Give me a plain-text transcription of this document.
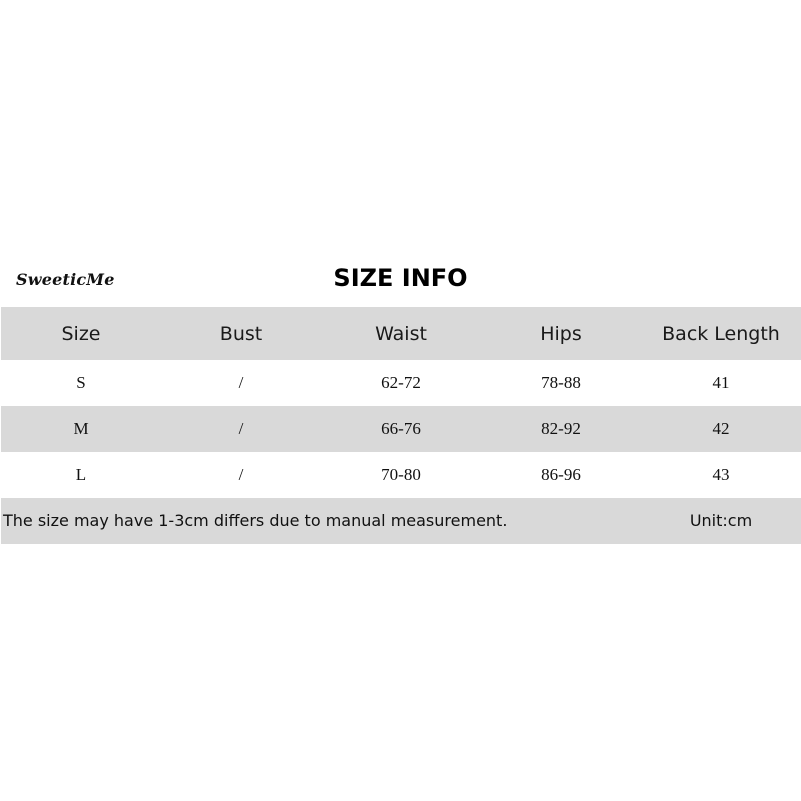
SweeticMe	SIZE INFO
Size	Bust	Waist	Hips	Back Length
S	/	62-72	78-88	41
M	/	66-76	82-92	42
L	/	70-80	86-96	43
The size may have 1-3cm differs due to manual measurement.	Unit:cm
